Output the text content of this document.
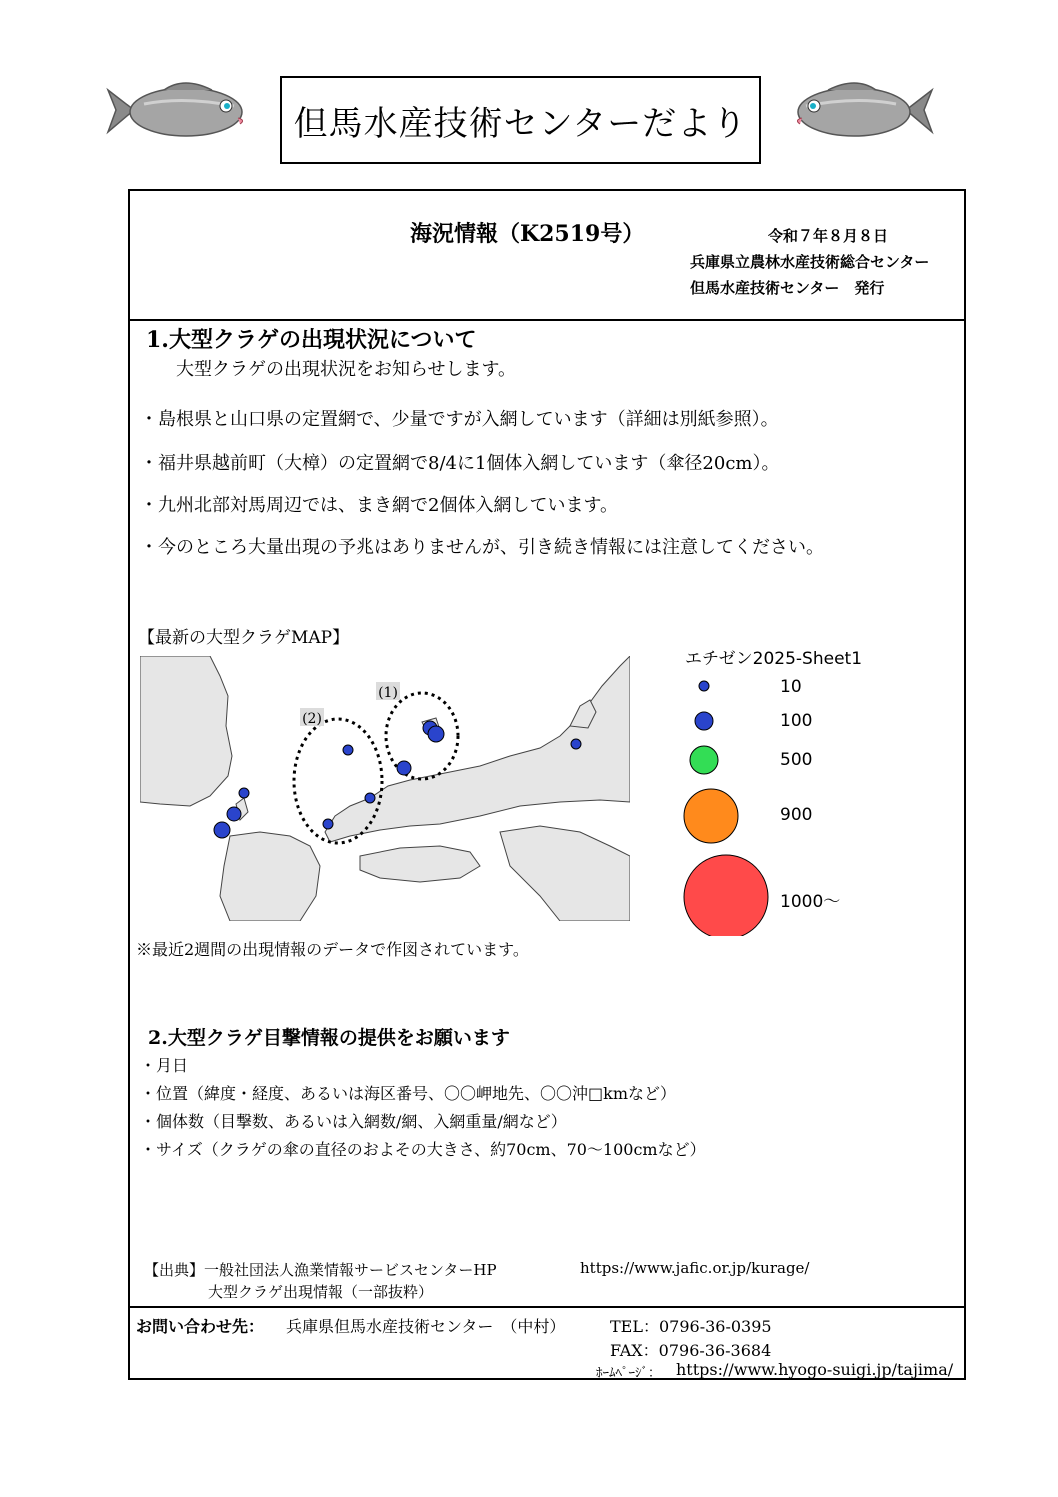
但馬水産技術センターだより
海況情報（K2519号）	令和７年８月８日
兵庫県立農林水産技術総合センター
但馬水産技術センター　発行
1.大型クラゲの出現状況について
大型クラゲの出現状況をお知らせします。
・島根県と山口県の定置網で、少量ですが入網しています（詳細は別紙参照）。
・福井県越前町（大樟）の定置網で8/4に1個体入網しています（傘径20cm）。
・九州北部対馬周辺では、まき網で2個体入網しています。
・今のところ大量出現の予兆はありませんが、引き続き情報には注意してください。
【最新の大型クラゲMAP】
(1)
(2)
エチゼン2025-Sheet1
10
100
500
900
1000～
※最近2週間の出現情報のデータで作図されています。
2.大型クラゲ目撃情報の提供をお願います
・月日
・位置（緯度・経度、あるいは海区番号、〇〇岬地先、〇〇沖□kmなど）
・個体数（目撃数、あるいは入網数/網、入網重量/網など）
・サイズ（クラゲの傘の直径のおよその大きさ、約70cm、70～100cmなど）
【出典】一般社団法人漁業情報サービスセンターHP	https://www.jafic.or.jp/kurage/
大型クラゲ出現情報（一部抜粋）
お問い合わせ先： 兵庫県但馬水産技術センター　（中村）	TEL：0796-36-0395
FAX：0796-36-3684
ﾎｰﾑﾍﾟｰｼﾞ： https://www.hyogo-suigi.jp/tajima/
